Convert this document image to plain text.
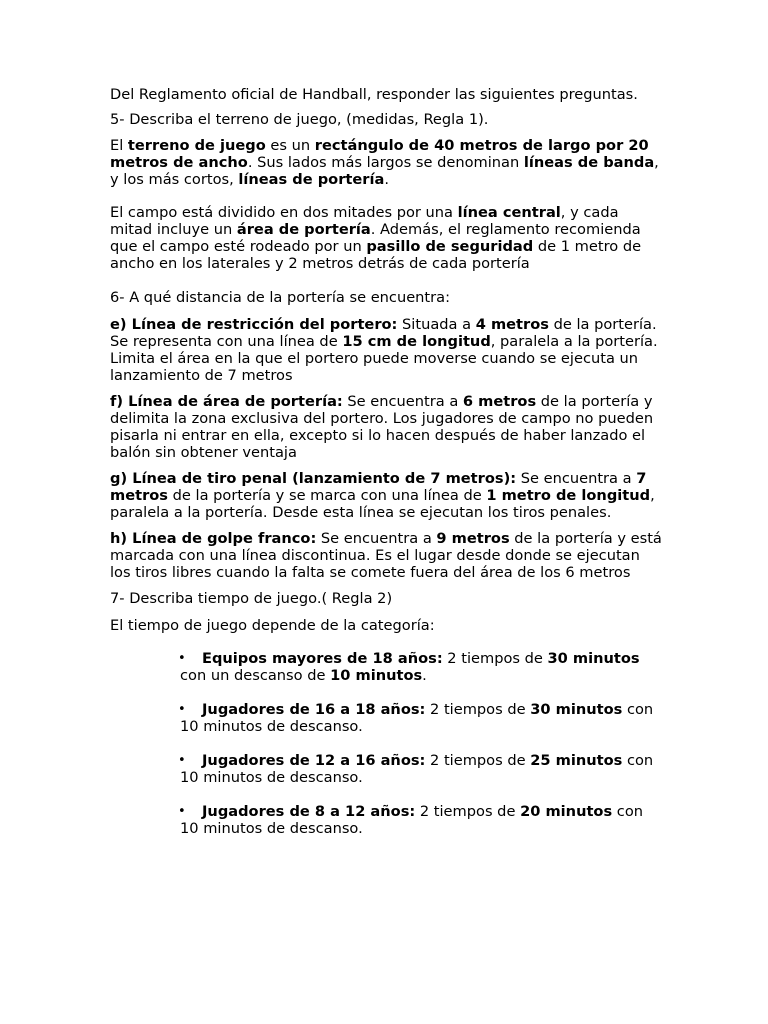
Del Reglamento oficial de Handball, responder las siguientes preguntas.

5- Describa el terreno de juego, (medidas, Regla 1).

El terreno de juego es un rectángulo de 40 metros de largo por 20 metros de ancho. Sus lados más largos se denominan líneas de banda, y los más cortos, líneas de portería.

El campo está dividido en dos mitades por una línea central, y cada mitad incluye un área de portería. Además, el reglamento recomienda que el campo esté rodeado por un pasillo de seguridad de 1 metro de ancho en los laterales y 2 metros detrás de cada portería

6- A qué distancia de la portería se encuentra:

e) Línea de restricción del portero: Situada a 4 metros de la portería. Se representa con una línea de 15 cm de longitud, paralela a la portería. Limita el área en la que el portero puede moverse cuando se ejecuta un lanzamiento de 7 metros

f) Línea de área de portería: Se encuentra a 6 metros de la portería y delimita la zona exclusiva del portero. Los jugadores de campo no pueden pisarla ni entrar en ella, excepto si lo hacen después de haber lanzado el balón sin obtener ventaja

g) Línea de tiro penal (lanzamiento de 7 metros): Se encuentra a 7 metros de la portería y se marca con una línea de 1 metro de longitud, paralela a la portería. Desde esta línea se ejecutan los tiros penales.

h) Línea de golpe franco: Se encuentra a 9 metros de la portería y está marcada con una línea discontinua. Es el lugar desde donde se ejecutan los tiros libres cuando la falta se comete fuera del área de los 6 metros

7- Describa tiempo de juego.( Regla 2)

El tiempo de juego depende de la categoría:

•	Equipos mayores de 18 años: 2 tiempos de 30 minutos con un descanso de 10 minutos.
•	Jugadores de 16 a 18 años: 2 tiempos de 30 minutos con 10 minutos de descanso.
•	Jugadores de 12 a 16 años: 2 tiempos de 25 minutos con 10 minutos de descanso.
•	Jugadores de 8 a 12 años: 2 tiempos de 20 minutos con 10 minutos de descanso.
